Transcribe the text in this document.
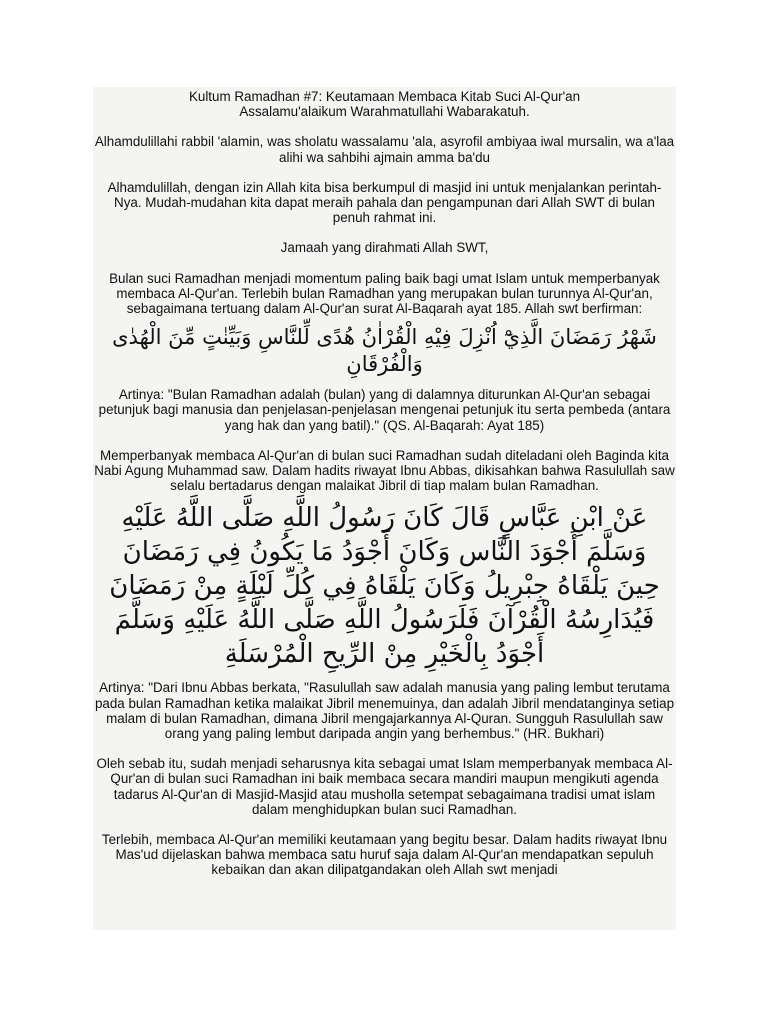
Kultum Ramadhan #7: Keutamaan Membaca Kitab Suci Al-Qur'an

Assalamu'alaikum Warahmatullahi Wabarakatuh.

Alhamdulillahi rabbil 'alamin, was sholatu wassalamu 'ala, asyrofil ambiyaa iwal mursalin, wa a'laa alihi wa sahbihi ajmain amma ba'du

Alhamdulillah, dengan izin Allah kita bisa berkumpul di masjid ini untuk menjalankan perintah-Nya. Mudah-mudahan kita dapat meraih pahala dan pengampunan dari Allah SWT di bulan penuh rahmat ini.

Jamaah yang dirahmati Allah SWT,

Bulan suci Ramadhan menjadi momentum paling baik bagi umat Islam untuk memperbanyak membaca Al-Qur'an. Terlebih bulan Ramadhan yang merupakan bulan turunnya Al-Qur'an, sebagaimana tertuang dalam Al-Qur'an surat Al-Baqarah ayat 185. Allah swt berfirman:

شَهْرُ رَمَضَانَ الَّذِيْٓ اُنْزِلَ فِيْهِ الْقُرْاٰنُ هُدًى لِّلنَّاسِ وَبَيِّنٰتٍ مِّنَ الْهُدٰى وَالْفُرْقَانِ

Artinya: "Bulan Ramadhan adalah (bulan) yang di dalamnya diturunkan Al-Qur'an sebagai petunjuk bagi manusia dan penjelasan-penjelasan mengenai petunjuk itu serta pembeda (antara yang hak dan yang batil)." (QS. Al-Baqarah: Ayat 185)

Memperbanyak membaca Al-Qur'an di bulan suci Ramadhan sudah diteladani oleh Baginda kita Nabi Agung Muhammad saw. Dalam hadits riwayat Ibnu Abbas, dikisahkan bahwa Rasulullah saw selalu bertadarus dengan malaikat Jibril di tiap malam bulan Ramadhan.

عَنْ ابْنِ عَبَّاسٍ قَالَ كَانَ رَسُولُ اللَّهِ صَلَّى اللَّهُ عَلَيْهِ وَسَلَّمَ أَجْوَدَ النَّاس وَكَانَ أَجْوَدُ مَا يَكُونُ فِي رَمَضَانَ حِينَ يَلْقَاهُ جِبْرِيلُ وَكَانَ يَلْقَاهُ فِي كُلِّ لَيْلَةٍ مِنْ رَمَضَانَ فَيُدَارِسُهُ الْقُرْآنَ فَلَرَسُولُ اللَّهِ صَلَّى اللَّهُ عَلَيْهِ وَسَلَّمَ أَجْوَدُ بِالْخَيْرِ مِنْ الرِّيحِ الْمُرْسَلَةِ

Artinya: "Dari Ibnu Abbas berkata, "Rasulullah saw adalah manusia yang paling lembut terutama pada bulan Ramadhan ketika malaikat Jibril menemuinya, dan adalah Jibril mendatanginya setiap malam di bulan Ramadhan, dimana Jibril mengajarkannya Al-Quran. Sungguh Rasulullah saw orang yang paling lembut daripada angin yang berhembus." (HR. Bukhari)

Oleh sebab itu, sudah menjadi seharusnya kita sebagai umat Islam memperbanyak membaca Al-Qur'an di bulan suci Ramadhan ini baik membaca secara mandiri maupun mengikuti agenda tadarus Al-Qur'an di Masjid-Masjid atau musholla setempat sebagaimana tradisi umat islam dalam menghidupkan bulan suci Ramadhan.

Terlebih, membaca Al-Qur'an memiliki keutamaan yang begitu besar. Dalam hadits riwayat Ibnu Mas'ud dijelaskan bahwa membaca satu huruf saja dalam Al-Qur'an mendapatkan sepuluh kebaikan dan akan dilipatgandakan oleh Allah swt menjadi
